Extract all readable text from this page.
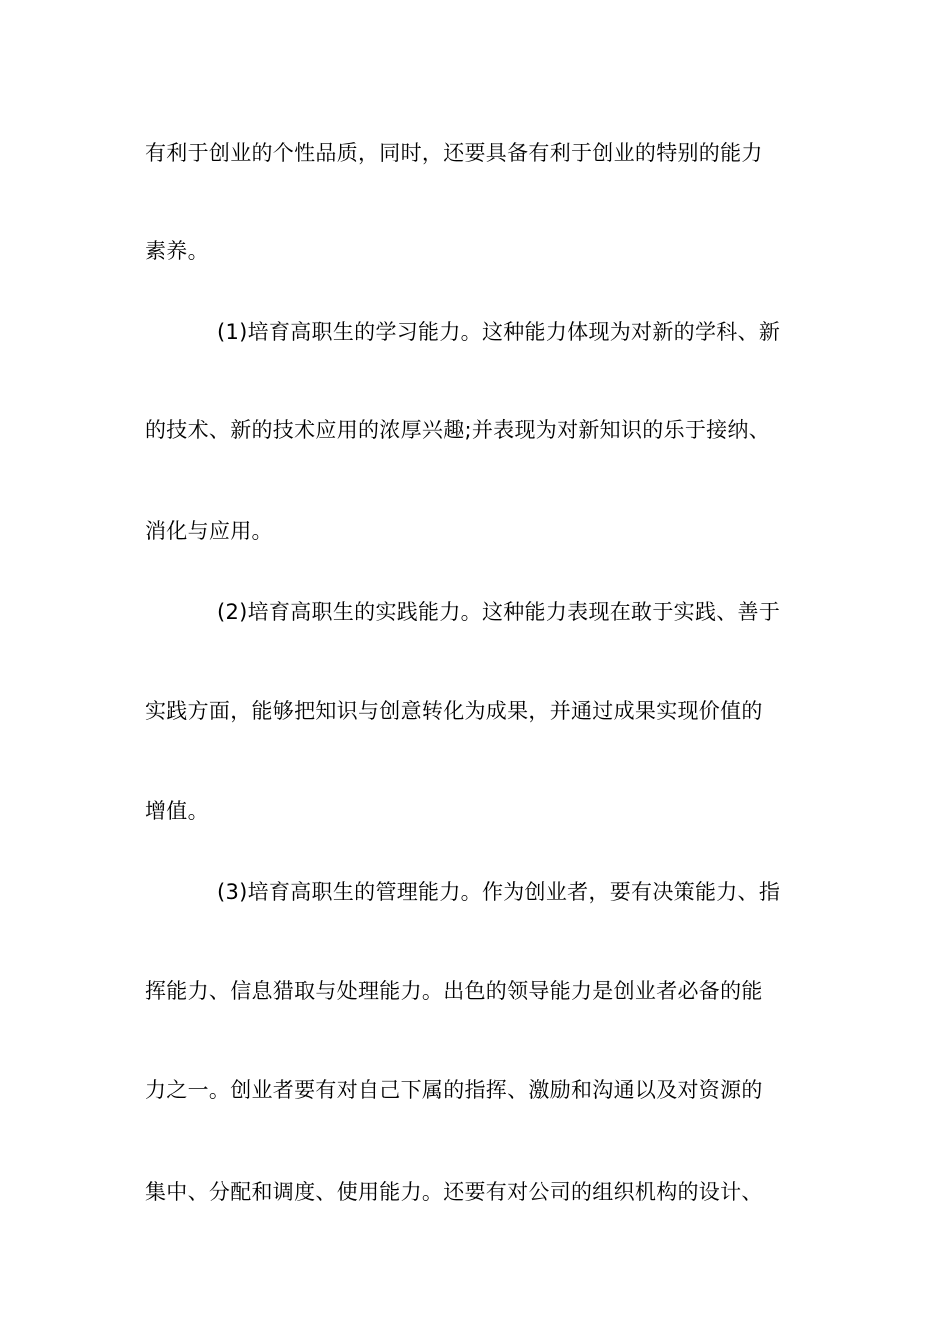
有利于创业的个性品质，同时，还要具备有利于创业的特别的能力
素养。
(1)培育高职生的学习能力。这种能力体现为对新的学科、新
的技术、新的技术应用的浓厚兴趣;并表现为对新知识的乐于接纳、
消化与应用。
(2)培育高职生的实践能力。这种能力表现在敢于实践、善于
实践方面，能够把知识与创意转化为成果，并通过成果实现价值的
增值。
(3)培育高职生的管理能力。作为创业者，要有决策能力、指
挥能力、信息猎取与处理能力。出色的领导能力是创业者必备的能
力之一。创业者要有对自己下属的指挥、激励和沟通以及对资源的
集中、分配和调度、使用能力。还要有对公司的组织机构的设计、
